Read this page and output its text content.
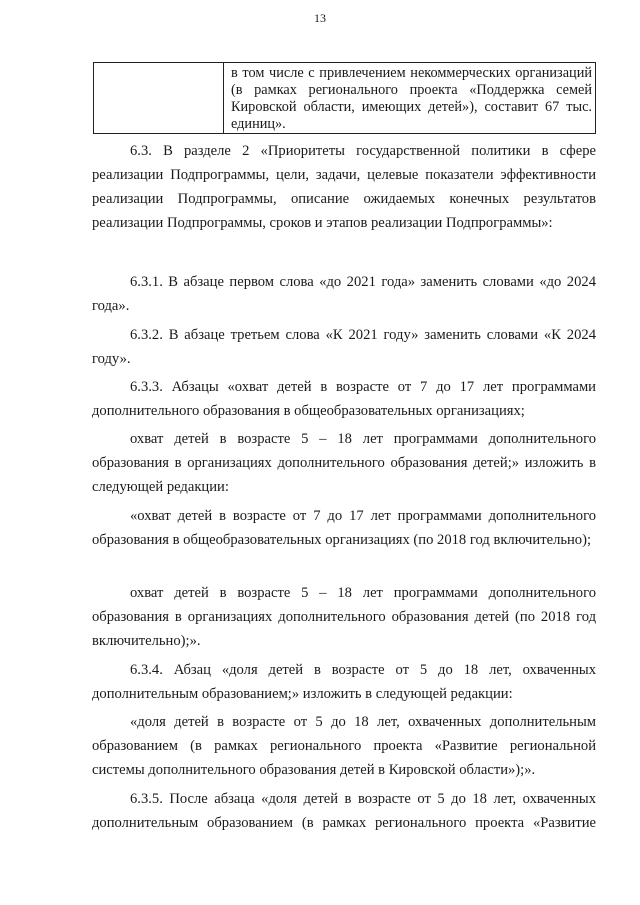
13
	в том числе с привлечением некоммерческих организаций (в рамках регионального проекта «Поддержка семей Кировской области, имеющих детей»), составит 67 тыс. единиц».

6.3. В разделе 2 «Приоритеты государственной политики в сфере реализации Подпрограммы, цели, задачи, целевые показатели эффективности реализации Подпрограммы, описание ожидаемых конечных результатов реализации Подпрограммы, сроков и этапов реализации Подпрограммы»:

6.3.1. В абзаце первом слова «до 2021 года» заменить словами «до 2024 года».

6.3.2. В абзаце третьем слова «К 2021 году» заменить словами «К 2024 году».

6.3.3. Абзацы «охват детей в возрасте от 7 до 17 лет программами дополнительного образования в общеобразовательных организациях;

охват детей в возрасте 5 – 18 лет программами дополнительного образования в организациях дополнительного образования детей;» изложить в следующей редакции:

«охват детей в возрасте от 7 до 17 лет программами дополнительного образования в общеобразовательных организациях (по 2018 год включительно);

охват детей в возрасте 5 – 18 лет программами дополнительного образования в организациях дополнительного образования детей (по 2018 год включительно);».

6.3.4. Абзац «доля детей в возрасте от 5 до 18 лет, охваченных дополнительным образованием;» изложить в следующей редакции:

«доля детей в возрасте от 5 до 18 лет, охваченных дополнительным образованием (в рамках регионального проекта «Развитие региональной системы дополнительного образования детей в Кировской области»);».

6.3.5. После абзаца «доля детей в возрасте от 5 до 18 лет, охваченных дополнительным образованием (в рамках регионального проекта «Развитие
